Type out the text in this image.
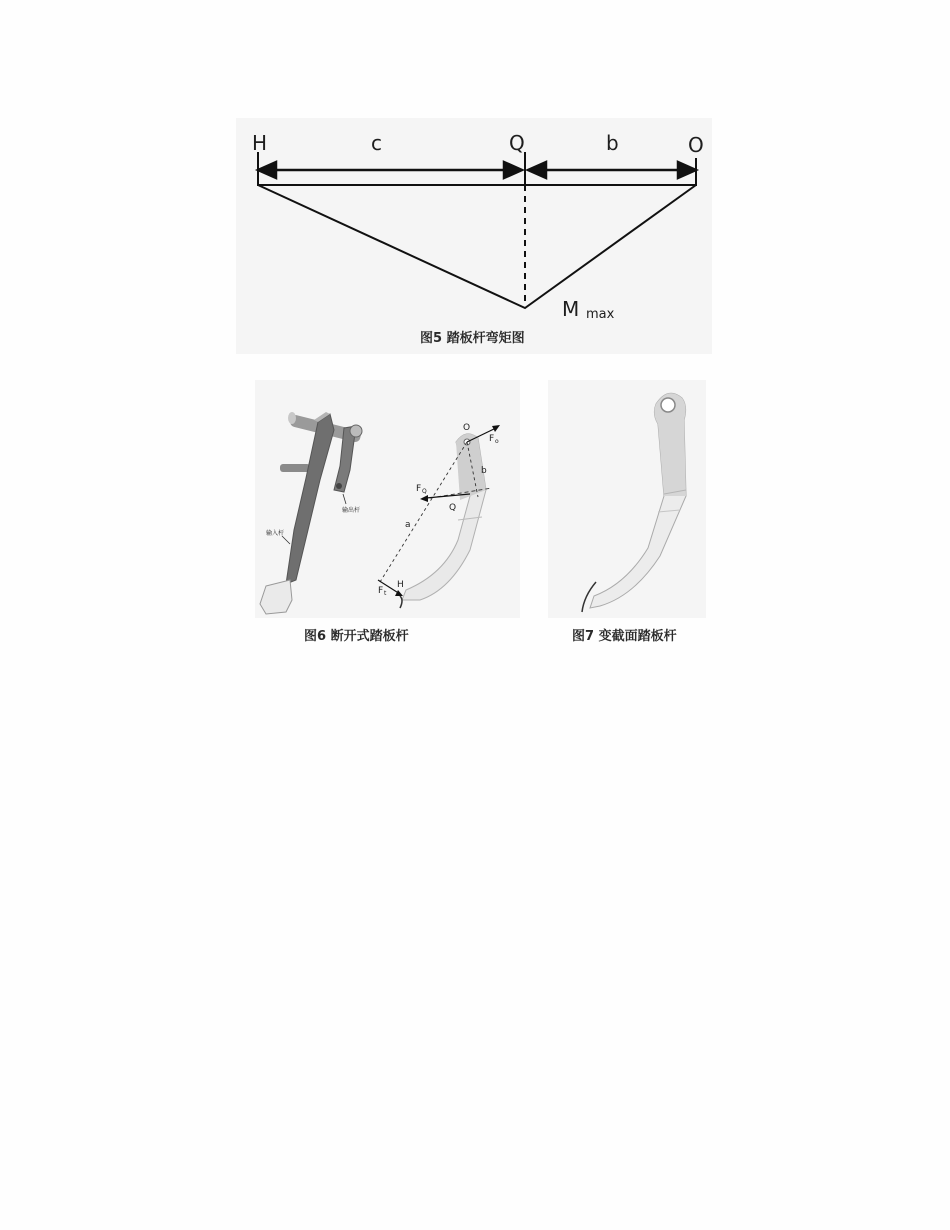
H	c	Q	b	O
M max
图5 踏板杆弯矩图
输入杆
输出杆
O
F o
b
F Q
Q
a
H
F t
图6 断开式踏板杆	图7 变截面踏板杆
